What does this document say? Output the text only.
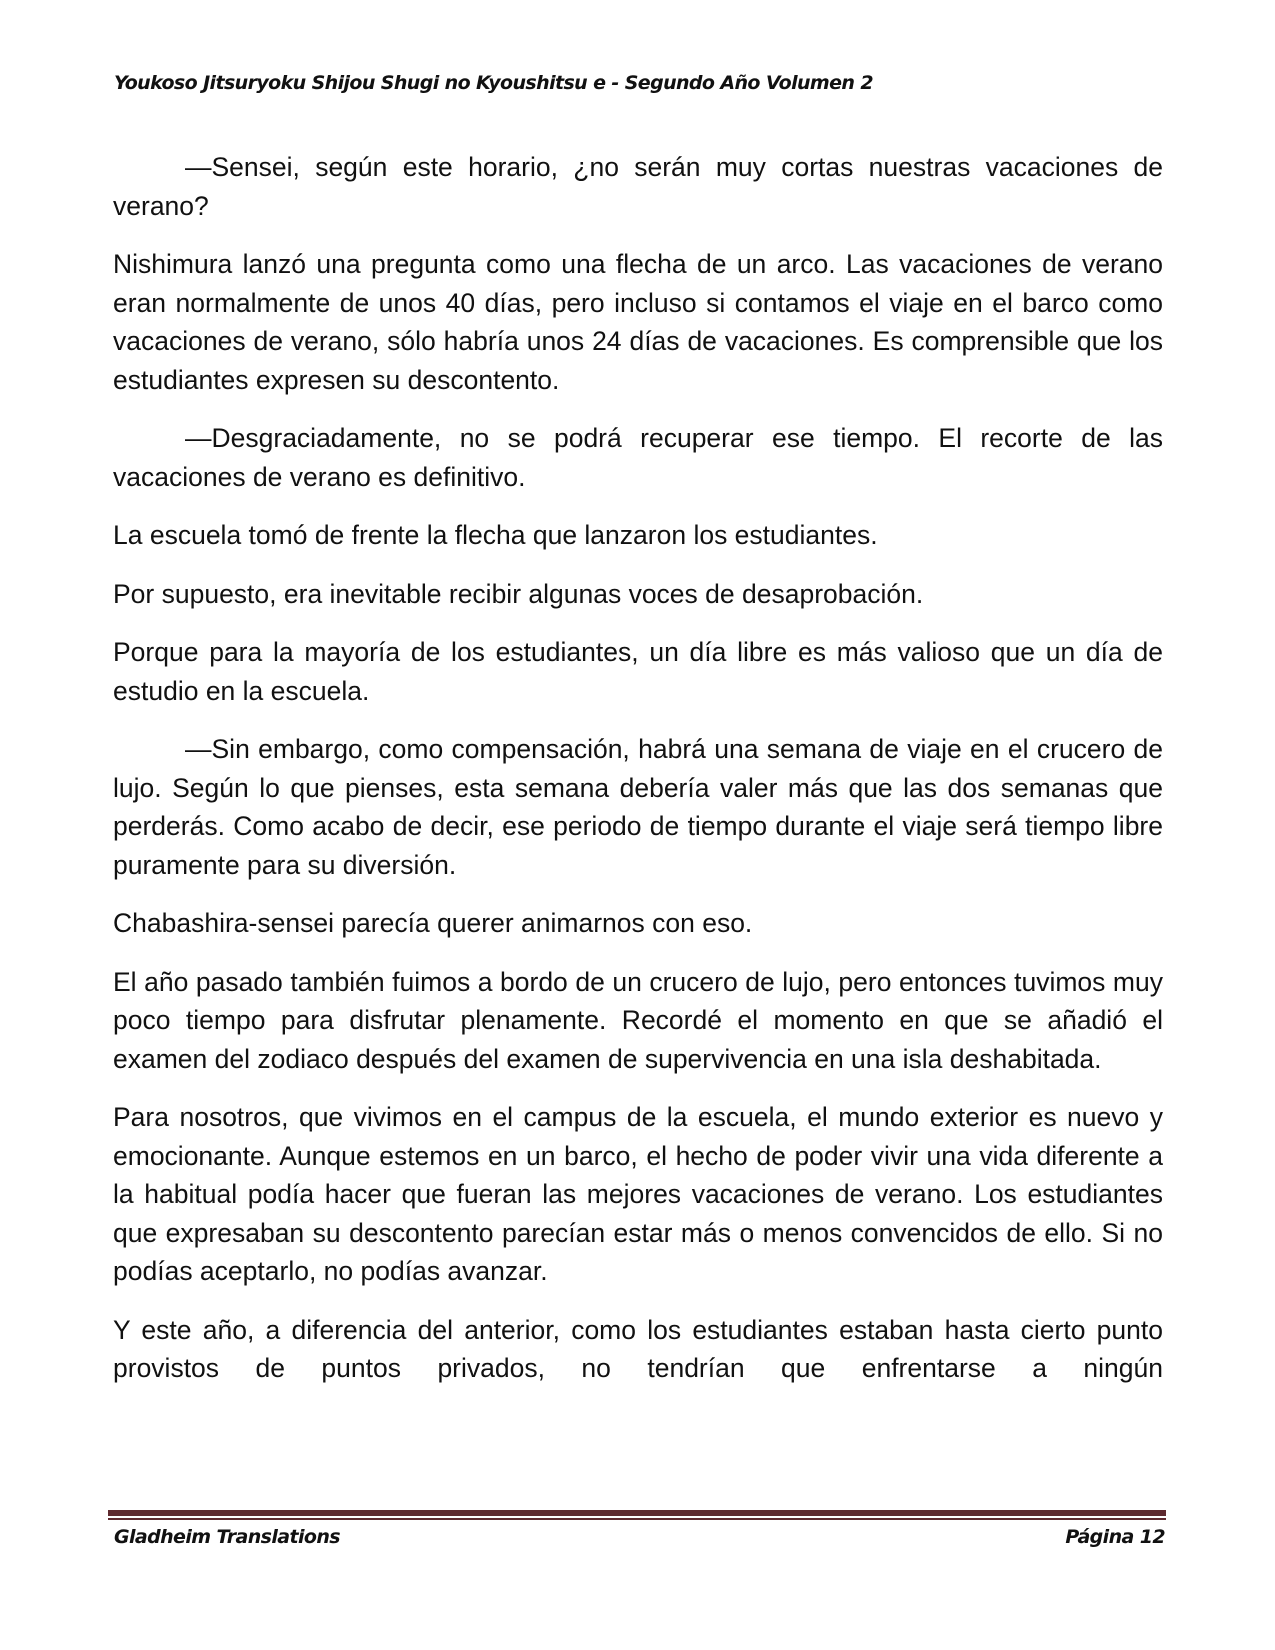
Youkoso Jitsuryoku Shijou Shugi no Kyoushitsu e - Segundo Año Volumen 2

—Sensei, según este horario, ¿no serán muy cortas nuestras vacaciones de verano?

Nishimura lanzó una pregunta como una flecha de un arco. Las vacaciones de verano eran normalmente de unos 40 días, pero incluso si contamos el viaje en el barco como vacaciones de verano, sólo habría unos 24 días de vacaciones. Es comprensible que los estudiantes expresen su descontento.

—Desgraciadamente, no se podrá recuperar ese tiempo. El recorte de las vacaciones de verano es definitivo.

La escuela tomó de frente la flecha que lanzaron los estudiantes.

Por supuesto, era inevitable recibir algunas voces de desaprobación.

Porque para la mayoría de los estudiantes, un día libre es más valioso que un día de estudio en la escuela.

—Sin embargo, como compensación, habrá una semana de viaje en el crucero de lujo. Según lo que pienses, esta semana debería valer más que las dos semanas que perderás. Como acabo de decir, ese periodo de tiempo durante el viaje será tiempo libre puramente para su diversión.

Chabashira-sensei parecía querer animarnos con eso.

El año pasado también fuimos a bordo de un crucero de lujo, pero entonces tuvimos muy poco tiempo para disfrutar plenamente. Recordé el momento en que se añadió el examen del zodiaco después del examen de supervivencia en una isla deshabitada.

Para nosotros, que vivimos en el campus de la escuela, el mundo exterior es nuevo y emocionante. Aunque estemos en un barco, el hecho de poder vivir una vida diferente a la habitual podía hacer que fueran las mejores vacaciones de verano. Los estudiantes que expresaban su descontento parecían estar más o menos convencidos de ello. Si no podías aceptarlo, no podías avanzar.

Y este año, a diferencia del anterior, como los estudiantes estaban hasta cierto punto provistos de puntos privados, no tendrían que enfrentarse a ningún

Gladheim Translations	Página 12
